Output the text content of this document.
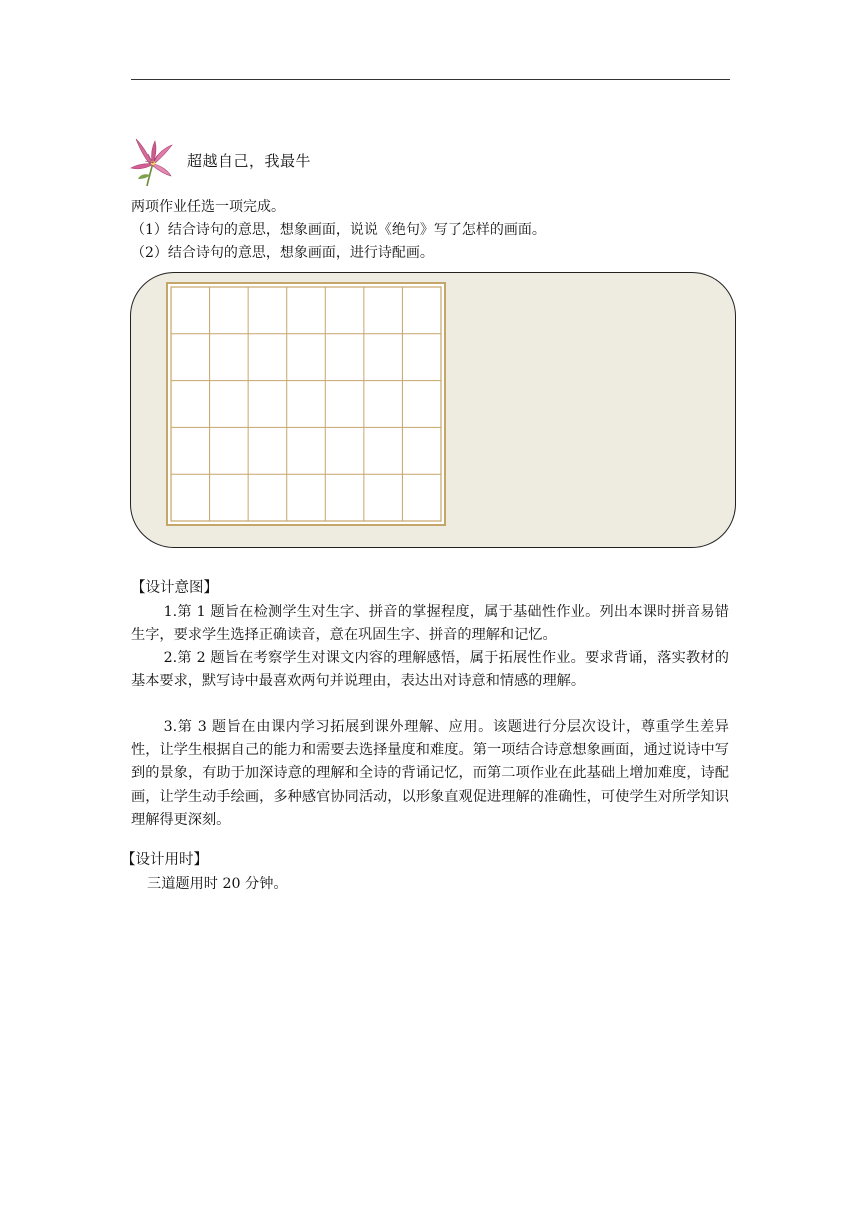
超越自己，我最牛
两项作业任选一项完成。
（1）结合诗句的意思，想象画面，说说《绝句》写了怎样的画面。
（2）结合诗句的意思，想象画面，进行诗配画。
【设计意图】
1.第 1 题旨在检测学生对生字、拼音的掌握程度，属于基础性作业。列出本课时拼音易错生字，要求学生选择正确读音，意在巩固生字、拼音的理解和记忆。
2.第 2 题旨在考察学生对课文内容的理解感悟，属于拓展性作业。要求背诵，落实教材的基本要求，默写诗中最喜欢两句并说理由，表达出对诗意和情感的理解。
3.第 3 题旨在由课内学习拓展到课外理解、应用。该题进行分层次设计，尊重学生差异性，让学生根据自己的能力和需要去选择量度和难度。第一项结合诗意想象画面，通过说诗中写到的景象，有助于加深诗意的理解和全诗的背诵记忆，而第二项作业在此基础上增加难度，诗配画，让学生动手绘画，多种感官协同活动，以形象直观促进理解的准确性，可使学生对所学知识理解得更深刻。
【设计用时】
三道题用时 20 分钟。
